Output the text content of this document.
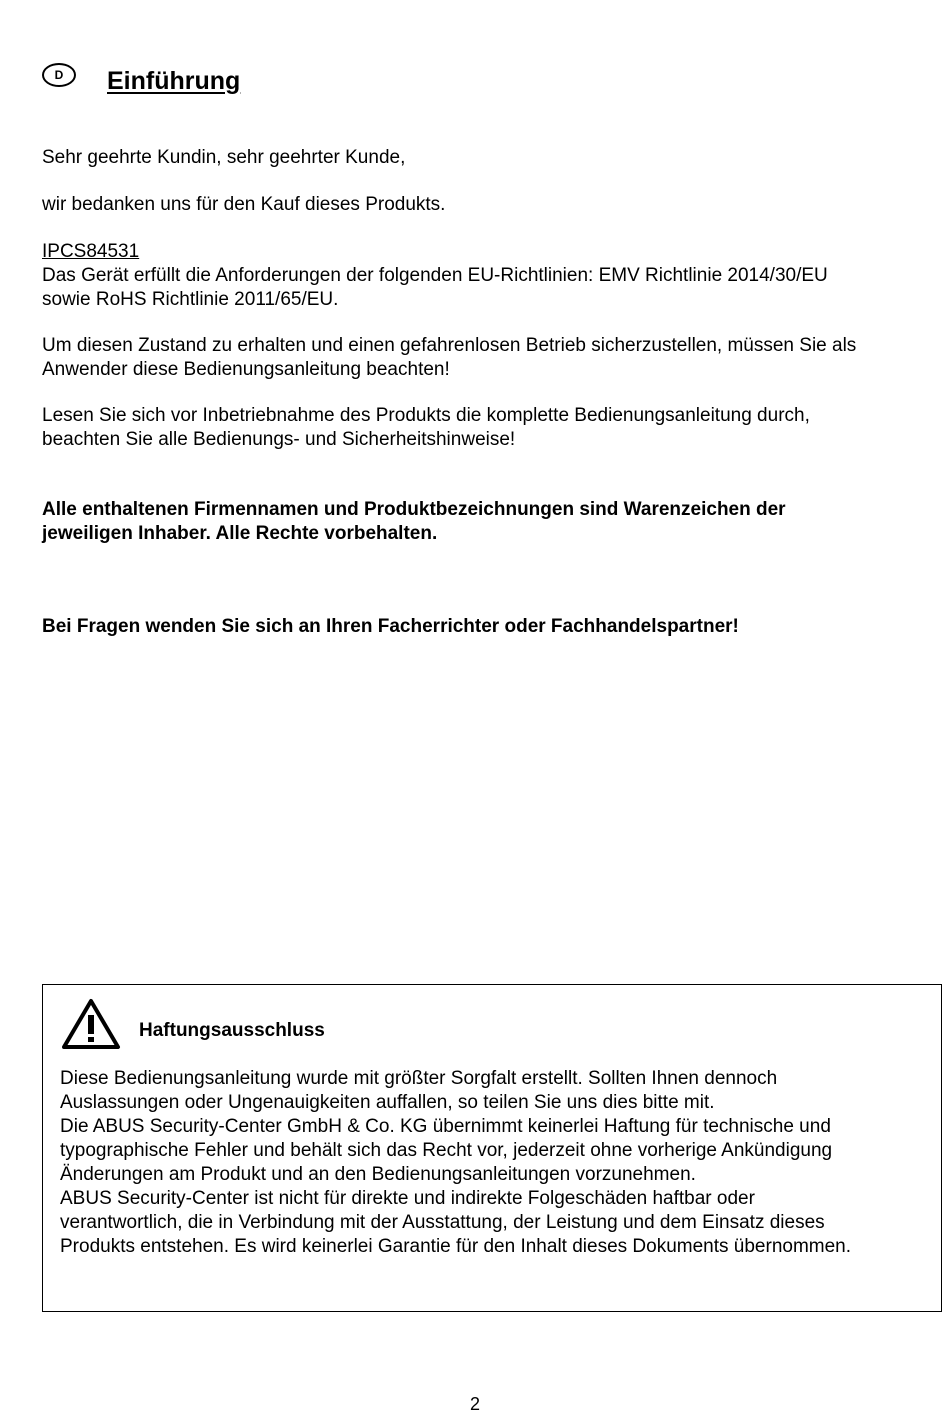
D	Einführung
Sehr geehrte Kundin, sehr geehrter Kunde,
wir bedanken uns für den Kauf dieses Produkts.
IPCS84531
Das Gerät erfüllt die Anforderungen der folgenden EU-Richtlinien: EMV Richtlinie 2014/30/EU
sowie RoHS Richtlinie 2011/65/EU.
Um diesen Zustand zu erhalten und einen gefahrenlosen Betrieb sicherzustellen, müssen Sie als
Anwender diese Bedienungsanleitung beachten!
Lesen Sie sich vor Inbetriebnahme des Produkts die komplette Bedienungsanleitung durch,
beachten Sie alle Bedienungs- und Sicherheitshinweise!
Alle enthaltenen Firmennamen und Produktbezeichnungen sind Warenzeichen der
jeweiligen Inhaber. Alle Rechte vorbehalten.
Bei Fragen wenden Sie sich an Ihren Facherrichter oder Fachhandelspartner!
Haftungsausschluss
Diese Bedienungsanleitung wurde mit größter Sorgfalt erstellt. Sollten Ihnen dennoch
Auslassungen oder Ungenauigkeiten auffallen, so teilen Sie uns dies bitte mit.
Die ABUS Security-Center GmbH & Co. KG übernimmt keinerlei Haftung für technische und
typographische Fehler und behält sich das Recht vor, jederzeit ohne vorherige Ankündigung
Änderungen am Produkt und an den Bedienungsanleitungen vorzunehmen.
ABUS Security-Center ist nicht für direkte und indirekte Folgeschäden haftbar oder
verantwortlich, die in Verbindung mit der Ausstattung, der Leistung und dem Einsatz dieses
Produkts entstehen. Es wird keinerlei Garantie für den Inhalt dieses Dokuments übernommen.
2
